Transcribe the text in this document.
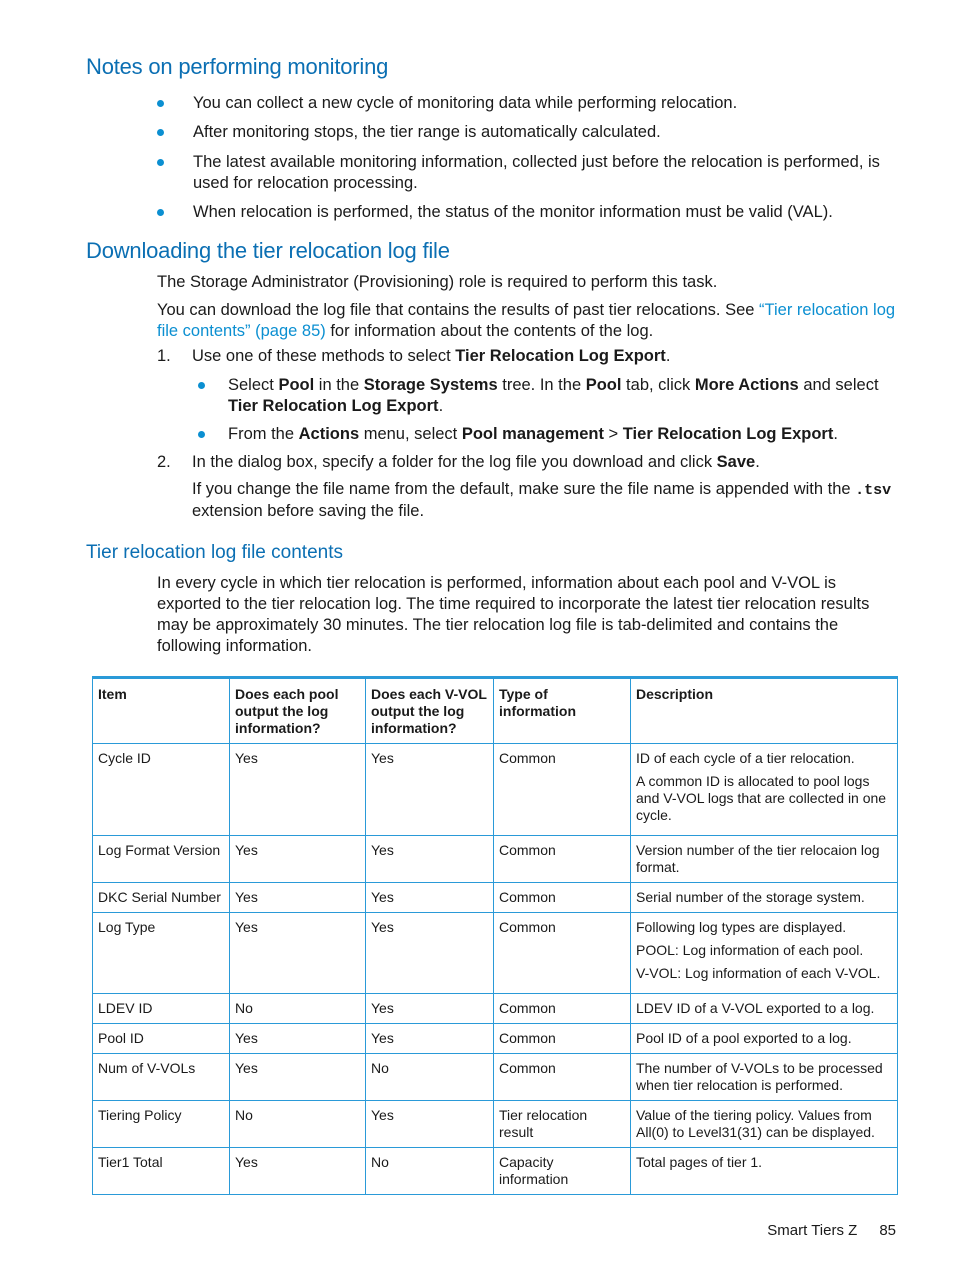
Notes on performing monitoring
You can collect a new cycle of monitoring data while performing relocation.
After monitoring stops, the tier range is automatically calculated.
The latest available monitoring information, collected just before the relocation is performed, is used for relocation processing.
When relocation is performed, the status of the monitor information must be valid (VAL).
Downloading the tier relocation log file
The Storage Administrator (Provisioning) role is required to perform this task.
You can download the log file that contains the results of past tier relocations. See “Tier relocation log file contents” (page 85) for information about the contents of the log.
1. Use one of these methods to select Tier Relocation Log Export.
Select Pool in the Storage Systems tree. In the Pool tab, click More Actions and select Tier Relocation Log Export.
From the Actions menu, select Pool management > Tier Relocation Log Export.
2. In the dialog box, specify a folder for the log file you download and click Save.
If you change the file name from the default, make sure the file name is appended with the .tsv extension before saving the file.
Tier relocation log file contents
In every cycle in which tier relocation is performed, information about each pool and V-VOL is exported to the tier relocation log. The time required to incorporate the latest tier relocation results may be approximately 30 minutes. The tier relocation log file is tab-delimited and contains the following information.
Item	Does each pool output the log information?	Does each V-VOL output the log information?	Type of information	Description
Cycle ID	Yes	Yes	Common	ID of each cycle of a tier relocation.

A common ID is allocated to pool logs and V-VOL logs that are collected in one cycle.

Log Format Version	Yes	Yes	Common	Version number of the tier relocaion log format.

DKC Serial Number	Yes	Yes	Common	Serial number of the storage system.

Log Type	Yes	Yes	Common	Following log types are displayed.

POOL: Log information of each pool.

V-VOL: Log information of each V-VOL.

LDEV ID	No	Yes	Common	LDEV ID of a V-VOL exported to a log.

Pool ID	Yes	Yes	Common	Pool ID of a pool exported to a log.

Num of V-VOLs	Yes	No	Common	The number of V-VOLs to be processed when tier relocation is performed.

Tiering Policy	No	Yes	Tier relocation result	Value of the tiering policy. Values from All(0) to Level31(31) can be displayed.

Tier1 Total	Yes	No	Capacity information	Total pages of tier 1.

Smart Tiers Z 85
